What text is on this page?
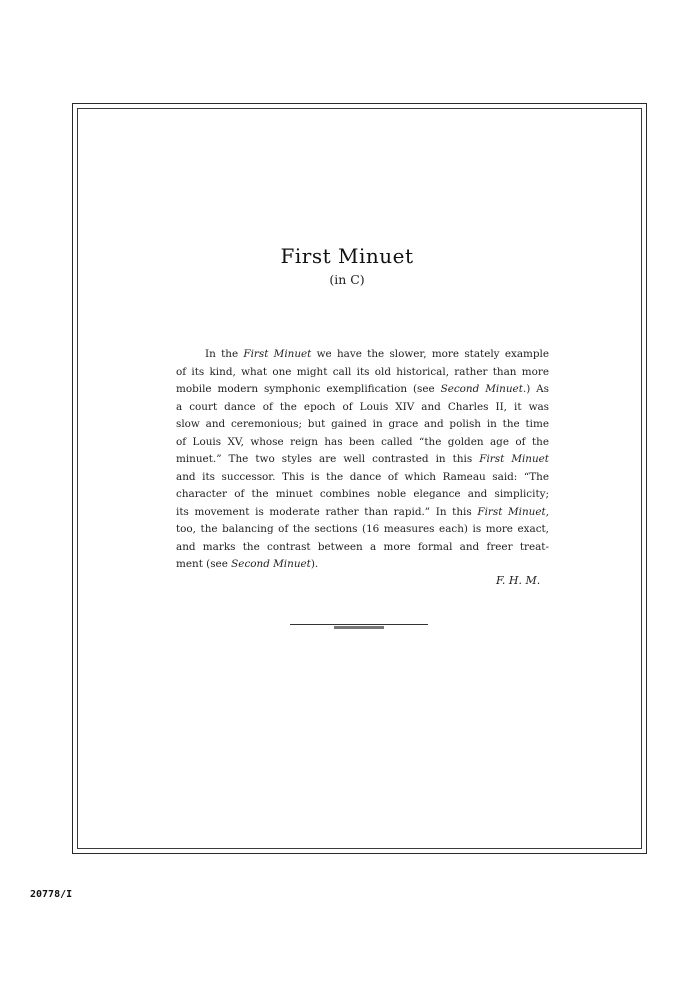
First Minuet
(in C)
In the First Minuet we have the slower, more stately example
of its kind, what one might call its old historical, rather than more
mobile modern symphonic exemplification (see Second Minuet.) As
a court dance of the epoch of Louis XIV and Charles II, it was
slow and ceremonious; but gained in grace and polish in the time
of Louis XV, whose reign has been called “the golden age of the
minuet.” The two styles are well contrasted in this First Minuet
and its successor. This is the dance of which Rameau said: “The
character of the minuet combines noble elegance and simplicity;
its movement is moderate rather than rapid.” In this First Minuet,
too, the balancing of the sections (16 measures each) is more exact,
and marks the contrast between a more formal and freer treat-
ment (see Second Minuet).
F. H. M.
20778/I
